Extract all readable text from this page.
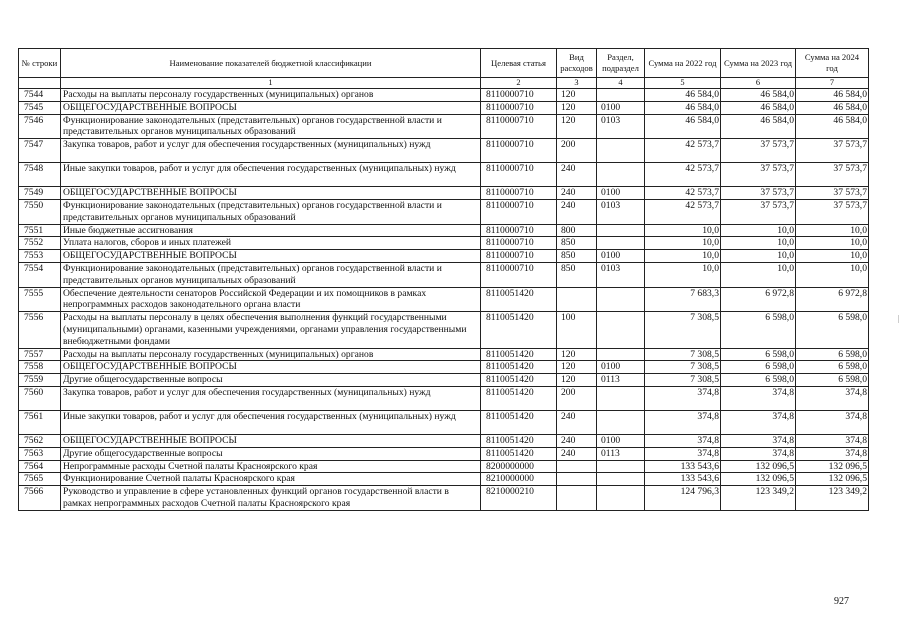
№ строки	Наименование показателей бюджетной классификации	Целевая статья	Вид расходов	Раздел, подраздел	Сумма на 2022 год	Сумма на 2023 год	Сумма на 2024 год
	1	2	3	4	5	6	7
7544	Расходы на выплаты персоналу государственных (муниципальных) органов	8110000710	120		46 584,0	46 584,0	46 584,0
7545	ОБЩЕГОСУДАРСТВЕННЫЕ ВОПРОСЫ	8110000710	120	0100	46 584,0	46 584,0	46 584,0
7546	Функционирование законодательных (представительных) органов государственной власти и представительных органов муниципальных образований	8110000710	120	0103	46 584,0	46 584,0	46 584,0
7547	Закупка товаров, работ и услуг для обеспечения государственных (муниципальных) нужд	8110000710	200		42 573,7	37 573,7	37 573,7
7548	Иные закупки товаров, работ и услуг для обеспечения государственных (муниципальных) нужд	8110000710	240		42 573,7	37 573,7	37 573,7
7549	ОБЩЕГОСУДАРСТВЕННЫЕ ВОПРОСЫ	8110000710	240	0100	42 573,7	37 573,7	37 573,7
7550	Функционирование законодательных (представительных) органов государственной власти и представительных органов муниципальных образований	8110000710	240	0103	42 573,7	37 573,7	37 573,7
7551	Иные бюджетные ассигнования	8110000710	800		10,0	10,0	10,0
7552	Уплата налогов, сборов и иных платежей	8110000710	850		10,0	10,0	10,0
7553	ОБЩЕГОСУДАРСТВЕННЫЕ ВОПРОСЫ	8110000710	850	0100	10,0	10,0	10,0
7554	Функционирование законодательных (представительных) органов государственной власти и представительных органов муниципальных образований	8110000710	850	0103	10,0	10,0	10,0
7555	Обеспечение деятельности сенаторов Российской Федерации и их помощников в рамках непрограммных расходов законодательного органа власти	8110051420			7 683,3	6 972,8	6 972,8
7556	Расходы на выплаты персоналу в целях обеспечения выполнения функций государственными (муниципальными) органами, казенными учреждениями, органами управления государственными внебюджетными фондами	8110051420	100		7 308,5	6 598,0	6 598,0
7557	Расходы на выплаты персоналу государственных (муниципальных) органов	8110051420	120		7 308,5	6 598,0	6 598,0
7558	ОБЩЕГОСУДАРСТВЕННЫЕ ВОПРОСЫ	8110051420	120	0100	7 308,5	6 598,0	6 598,0
7559	Другие общегосударственные вопросы	8110051420	120	0113	7 308,5	6 598,0	6 598,0
7560	Закупка товаров, работ и услуг для обеспечения государственных (муниципальных) нужд	8110051420	200		374,8	374,8	374,8
7561	Иные закупки товаров, работ и услуг для обеспечения государственных (муниципальных) нужд	8110051420	240		374,8	374,8	374,8
7562	ОБЩЕГОСУДАРСТВЕННЫЕ ВОПРОСЫ	8110051420	240	0100	374,8	374,8	374,8
7563	Другие общегосударственные вопросы	8110051420	240	0113	374,8	374,8	374,8
7564	Непрограммные расходы Счетной палаты Красноярского края	8200000000			133 543,6	132 096,5	132 096,5
7565	Функционирование Счетной палаты Красноярского края	8210000000			133 543,6	132 096,5	132 096,5
7566	Руководство и управление в сфере установленных функций органов государственной власти в рамках непрограммных расходов Счетной палаты Красноярского края	8210000210			124 796,3	123 349,2	123 349,2
|
927
